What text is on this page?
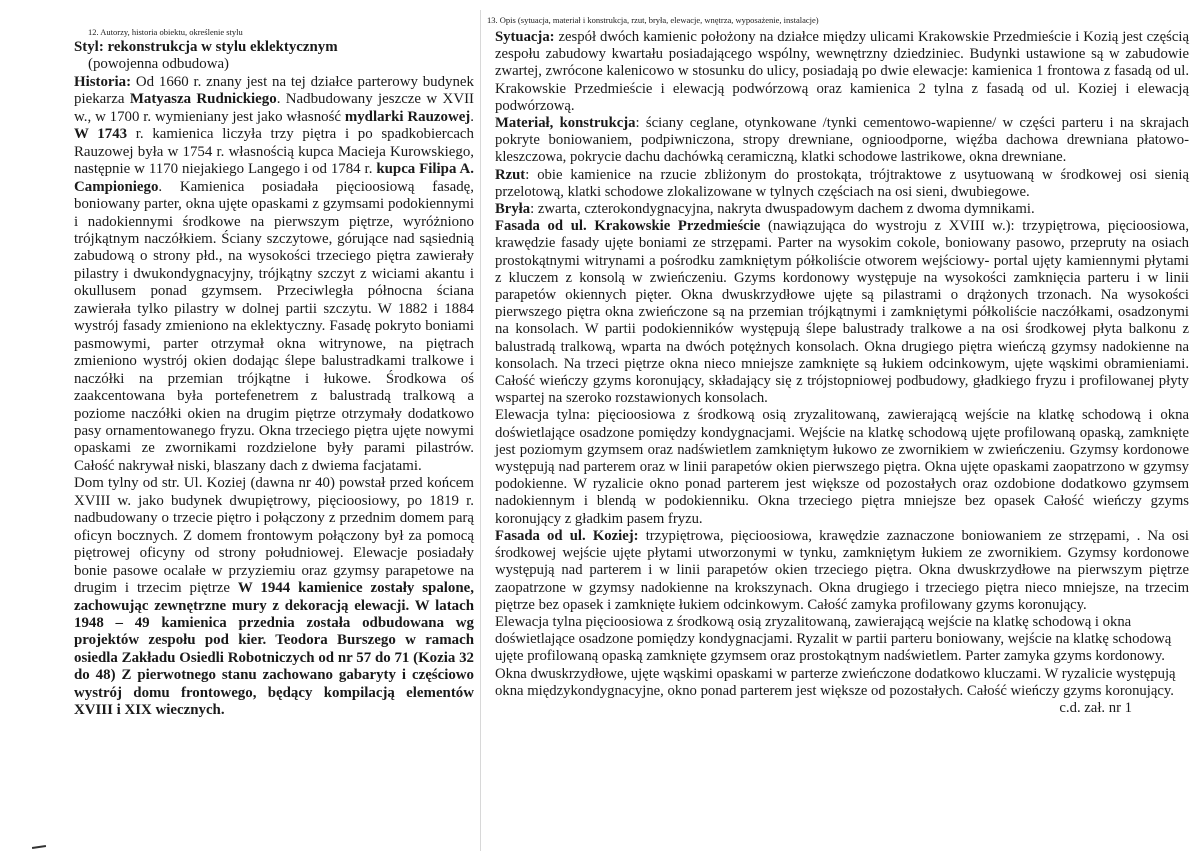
12. Autorzy, historia obiektu, określenie stylu
Styl: rekonstrukcja w stylu eklektycznym
(powojenna odbudowa)
Historia: Od 1660 r. znany jest na tej działce parterowy budynek piekarza Matyasza Rudnickiego. Nadbudowany jeszcze w XVII w., w 1700 r. wymieniany jest jako własność mydlarki Rauzowej. W 1743 r. kamienica liczyła trzy piętra i po spadkobiercach Rauzowej była w 1754 r. własnością kupca Macieja Kurowskiego, następnie w 1170 niejakiego Langego i od 1784 r. kupca Filipa A. Campioniego. Kamienica posiadała pięcioosiową fasadę, boniowany parter, okna ujęte opaskami z gzymsami podokiennymi i nadokiennymi środkowe na pierwszym piętrze, wyróżniono trójkątnym naczółkiem. Ściany szczytowe, górujące nad sąsiednią zabudową o strony płd., na wysokości trzeciego piętra zawierały pilastry i dwukondygnacyjny, trójkątny szczyt z wiciami akantu i okullusem ponad gzymsem. Przeciwległa północna ściana zawierała tylko pilastry w dolnej partii szczytu. W 1882 i 1884 wystrój fasady zmieniono na eklektyczny. Fasadę pokryto boniami pasmowymi, parter otrzymał okna witrynowe, na piętrach zmieniono wystrój okien dodając ślepe balustradkami tralkowe i naczółki na przemian trójkątne i łukowe. Środkowa oś zaakcentowana była portefenetrem z balustradą tralkową a poziome naczółki okien na drugim piętrze otrzymały dodatkowo pasy ornamentowanego fryzu. Okna trzeciego piętra ujęte nowymi opaskami ze zwornikami rozdzielone były parami pilastrów. Całość nakrywał niski, blaszany dach z dwiema facjatami.
Dom tylny od str. Ul. Koziej (dawna nr 40) powstał przed końcem XVIII w. jako budynek dwupiętrowy, pięcioosiowy, po 1819 r. nadbudowany o trzecie piętro i połączony z przednim domem parą oficyn bocznych. Z domem frontowym połączony był za pomocą piętrowej oficyny od strony południowej. Elewacje posiadały bonie pasowe ocalałe w przyziemiu oraz gzymsy parapetowe na drugim i trzecim piętrze W 1944 kamienice zostały spalone, zachowując zewnętrzne mury z dekoracją elewacji. W latach 1948 – 49 kamienica przednia została odbudowana wg projektów zespołu pod kier. Teodora Burszego w ramach osiedla Zakładu Osiedli Robotniczych od nr 57 do 71 (Kozia 32 do 48) Z pierwotnego stanu zachowano gabaryty i częściowo wystrój domu frontowego, będący kompilacją elementów XVIII i XIX wiecznych.
13. Opis (sytuacja, materiał i konstrukcja, rzut, bryła, elewacje, wnętrza, wyposażenie, instalacje)
Sytuacja: zespół dwóch kamienic położony na działce między ulicami Krakowskie Przedmieście i Kozią jest częścią zespołu zabudowy kwartału posiadającego wspólny, wewnętrzny dziedziniec. Budynki ustawione są w zabudowie zwartej, zwrócone kalenicowo w stosunku do ulicy, posiadają po dwie elewacje: kamienica 1 frontowa z fasadą od ul. Krakowskie Przedmieście i elewacją podwórzową oraz kamienica 2 tylna z fasadą od ul. Koziej i elewacją podwórzową.
Materiał, konstrukcja: ściany ceglane, otynkowane /tynki cementowo-wapienne/ w części parteru i na skrajach pokryte boniowaniem, podpiwniczona, stropy drewniane, ognioodporne, więźba dachowa drewniana płatowo-kleszczowa, pokrycie dachu dachówką ceramiczną, klatki schodowe lastrikowe, okna drewniane.
Rzut: obie kamienice na rzucie zbliżonym do prostokąta, trójtraktowe z usytuowaną w środkowej osi sienią przelotową, klatki schodowe zlokalizowane w tylnych częściach na osi sieni, dwubiegowe.
Bryła: zwarta, czterokondygnacyjna, nakryta dwuspadowym dachem z dwoma dymnikami.
Fasada od ul. Krakowskie Przedmieście (nawiązująca do wystroju z XVIII w.): trzypiętrowa, pięcioosiowa, krawędzie fasady ujęte boniami ze strzępami. Parter na wysokim cokole, boniowany pasowo, przepruty na osiach prostokątnymi witrynami a pośrodku zamkniętym półkoliście otworem wejściowy- portal ujęty kamiennymi płytami z kluczem z konsolą w zwieńczeniu. Gzyms kordonowy występuje na wysokości zamknięcia parteru i w linii parapetów okiennych pięter. Okna dwuskrzydłowe ujęte są pilastrami o drążonych trzonach. Na wysokości pierwszego piętra okna zwieńczone są na przemian trójkątnymi i zamkniętymi półkoliście naczółkami, osadzonymi na konsolach. W partii podokienników występują ślepe balustrady tralkowe a na osi środkowej płyta balkonu z balustradą tralkową, wparta na dwóch potężnych konsolach. Okna drugiego piętra wieńczą gzymsy nadokienne na konsolach. Na trzeci piętrze okna nieco mniejsze zamknięte są łukiem odcinkowym, ujęte wąskimi obramieniami. Całość wieńczy gzyms koronujący, składający się z trójstopniowej podbudowy, gładkiego fryzu i profilowanej płyty wspartej na szeroko rozstawionych konsolach.
Elewacja tylna: pięcioosiowa z środkową osią zryzalitowaną, zawierającą wejście na klatkę schodową i okna doświetlające osadzone pomiędzy kondygnacjami. Wejście na klatkę schodową ujęte profilowaną opaską, zamknięte jest poziomym gzymsem oraz nadświetlem zamkniętym łukowo ze zwornikiem w zwieńczeniu. Gzymsy kordonowe występują nad parterem oraz w linii parapetów okien pierwszego piętra. Okna ujęte opaskami zaopatrzono w gzymsy podokienne. W ryzalicie okno ponad parterem jest większe od pozostałych oraz ozdobione dodatkowo gzymsem nadokiennym i blendą w podokienniku. Okna trzeciego piętra mniejsze bez opasek Całość wieńczy gzyms koronujący z gładkim pasem fryzu.
Fasada od ul. Koziej: trzypiętrowa, pięcioosiowa, krawędzie zaznaczone boniowaniem ze strzępami, . Na osi środkowej wejście ujęte płytami utworzonymi w tynku, zamkniętym łukiem ze zwornikiem. Gzymsy kordonowe występują nad parterem i w linii parapetów okien trzeciego piętra. Okna dwuskrzydłowe na pierwszym piętrze zaopatrzone w gzymsy nadokienne na krokszynach. Okna drugiego i trzeciego piętra nieco mniejsze, na trzecim piętrze bez opasek i zamknięte łukiem odcinkowym. Całość zamyka profilowany gzyms koronujący.
Elewacja tylna pięcioosiowa z środkową osią zryzalitowaną, zawierającą wejście na klatkę schodową i okna doświetlające osadzone pomiędzy kondygnacjami. Ryzalit w partii parteru boniowany, wejście na klatkę schodową ujęte profilowaną opaską zamknięte gzymsem oraz prostokątnym nadświetlem. Parter zamyka gzyms kordonowy. Okna dwuskrzydłowe, ujęte wąskimi opaskami w parterze zwieńczone dodatkowo kluczami. W ryzalicie występują okna międzykondygnacyjne, okno ponad parterem jest większe od pozostałych. Całość wieńczy gzyms koronujący.
c.d. zał. nr 1
